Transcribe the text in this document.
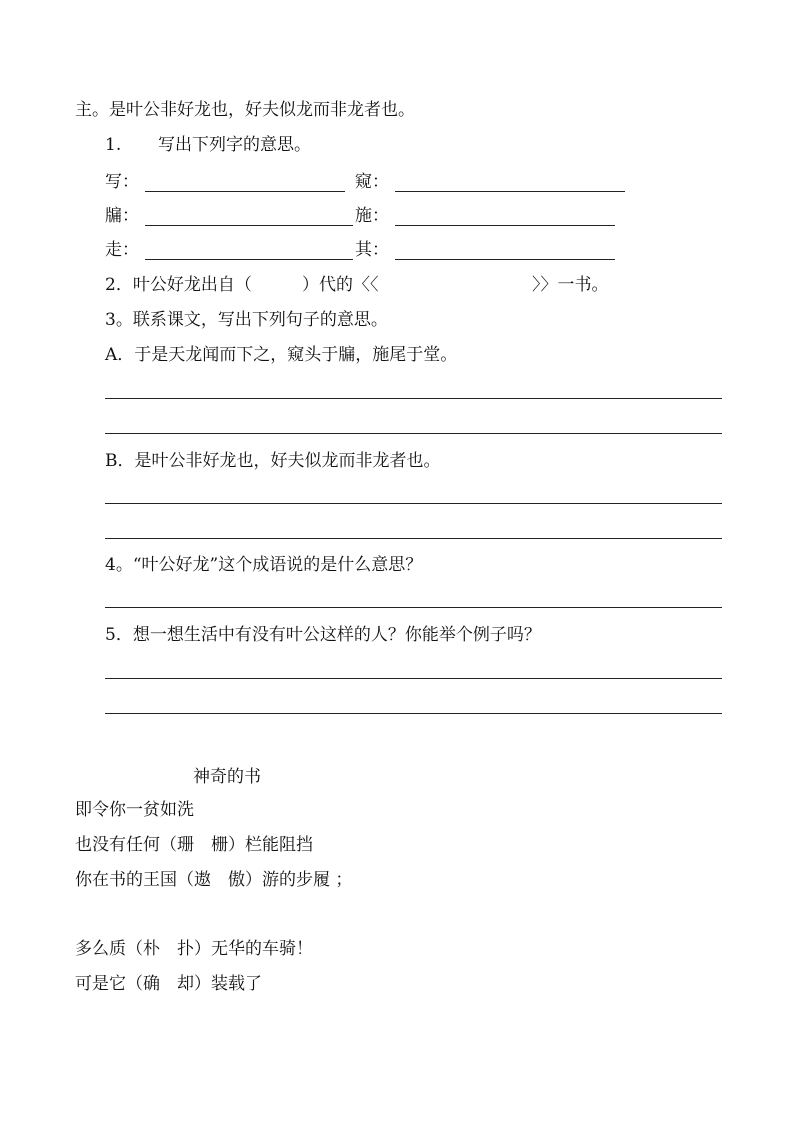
主。是叶公非好龙也，好夫似龙而非龙者也。
1. 写出下列字的意思。
写：	窥：
牖：	施：
走：	其：
2．叶公好龙出自（	）代的〈〈	〉〉一书。
3。联系课文，写出下列句子的意思。
A．于是天龙闻而下之，窥头于牖，施尾于堂。
B．是叶公非好龙也，好夫似龙而非龙者也。
4。“叶公好龙”这个成语说的是什么意思？
5．想一想生活中有没有叶公这样的人？你能举个例子吗？
神奇的书
即令你一贫如洗
也没有任何（珊　栅）栏能阻挡
你在书的王国（遨　傲）游的步履 ；
多么质（朴　扑）无华的车骑！
可是它（确　却）装载了
